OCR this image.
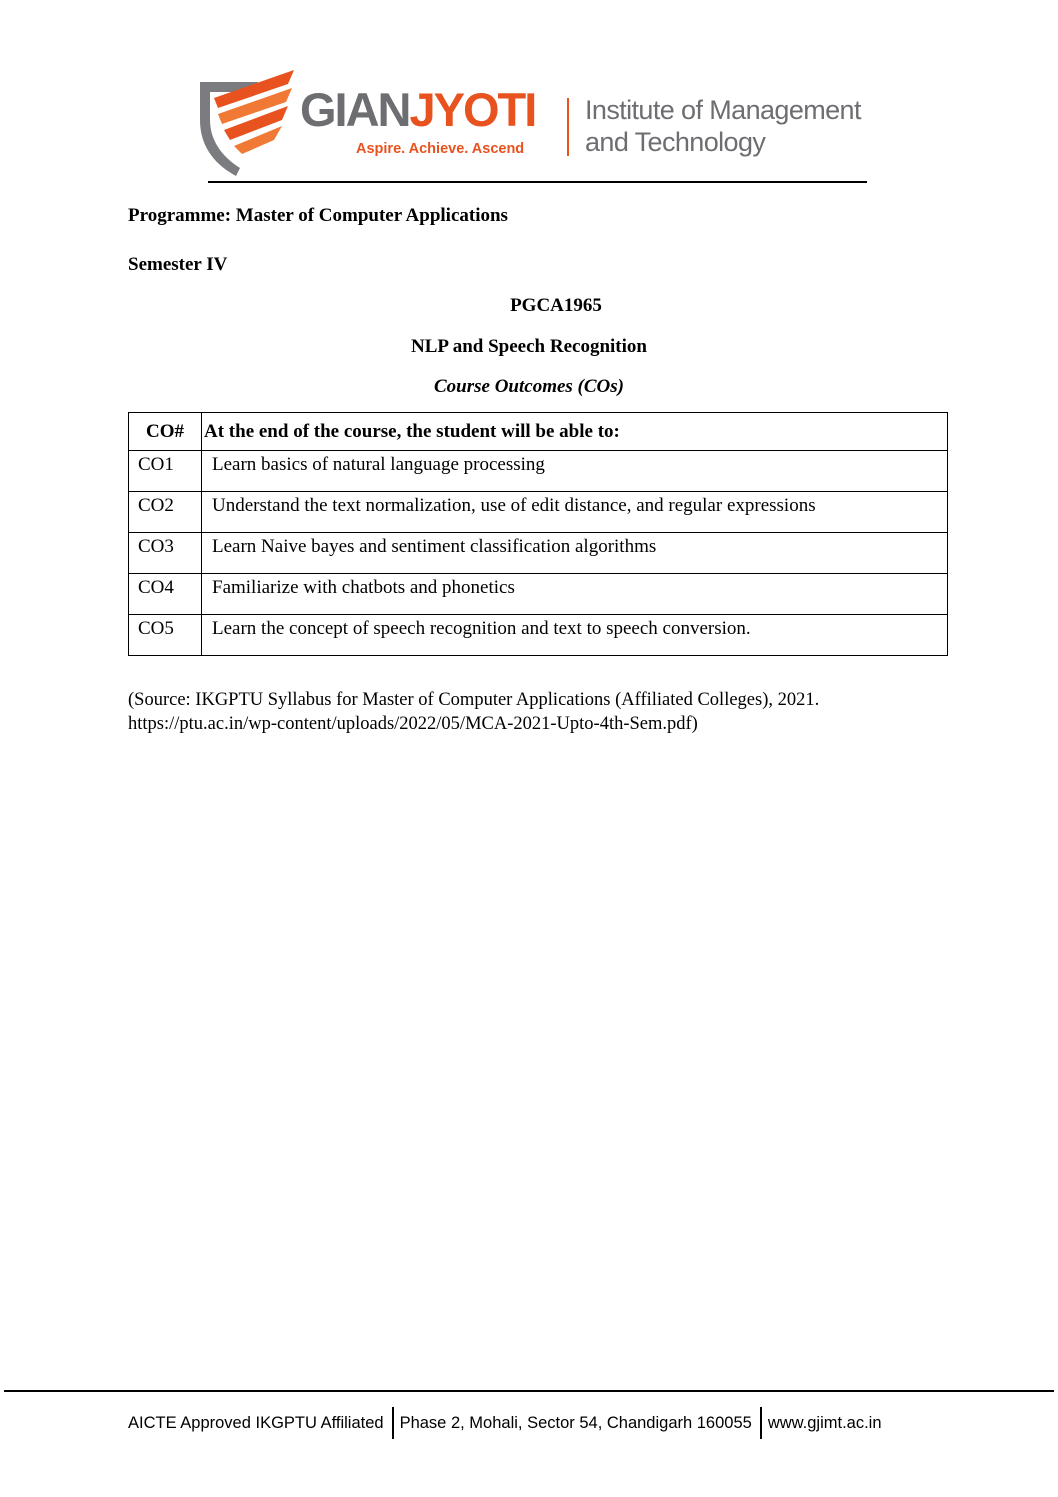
GIANJYOTI
Aspire. Achieve. Ascend
Institute of Management
and Technology
Programme: Master of Computer Applications
Semester IV
PGCA1965
NLP and Speech Recognition
Course Outcomes (COs)
CO#	At the end of the course, the student will be able to:
CO1	Learn basics of natural language processing
CO2	Understand the text normalization, use of edit distance, and regular expressions
CO3	Learn Naive bayes and sentiment classification algorithms
CO4	Familiarize with chatbots and phonetics
CO5	Learn the concept of speech recognition and text to speech conversion.
(Source: IKGPTU Syllabus for Master of Computer Applications (Affiliated Colleges), 2021.
https://ptu.ac.in/wp-content/uploads/2022/05/MCA-2021-Upto-4th-Sem.pdf)
AICTE Approved IKGPTU Affiliated Phase 2, Mohali, Sector 54, Chandigarh 160055 www.gjimt.ac.in
